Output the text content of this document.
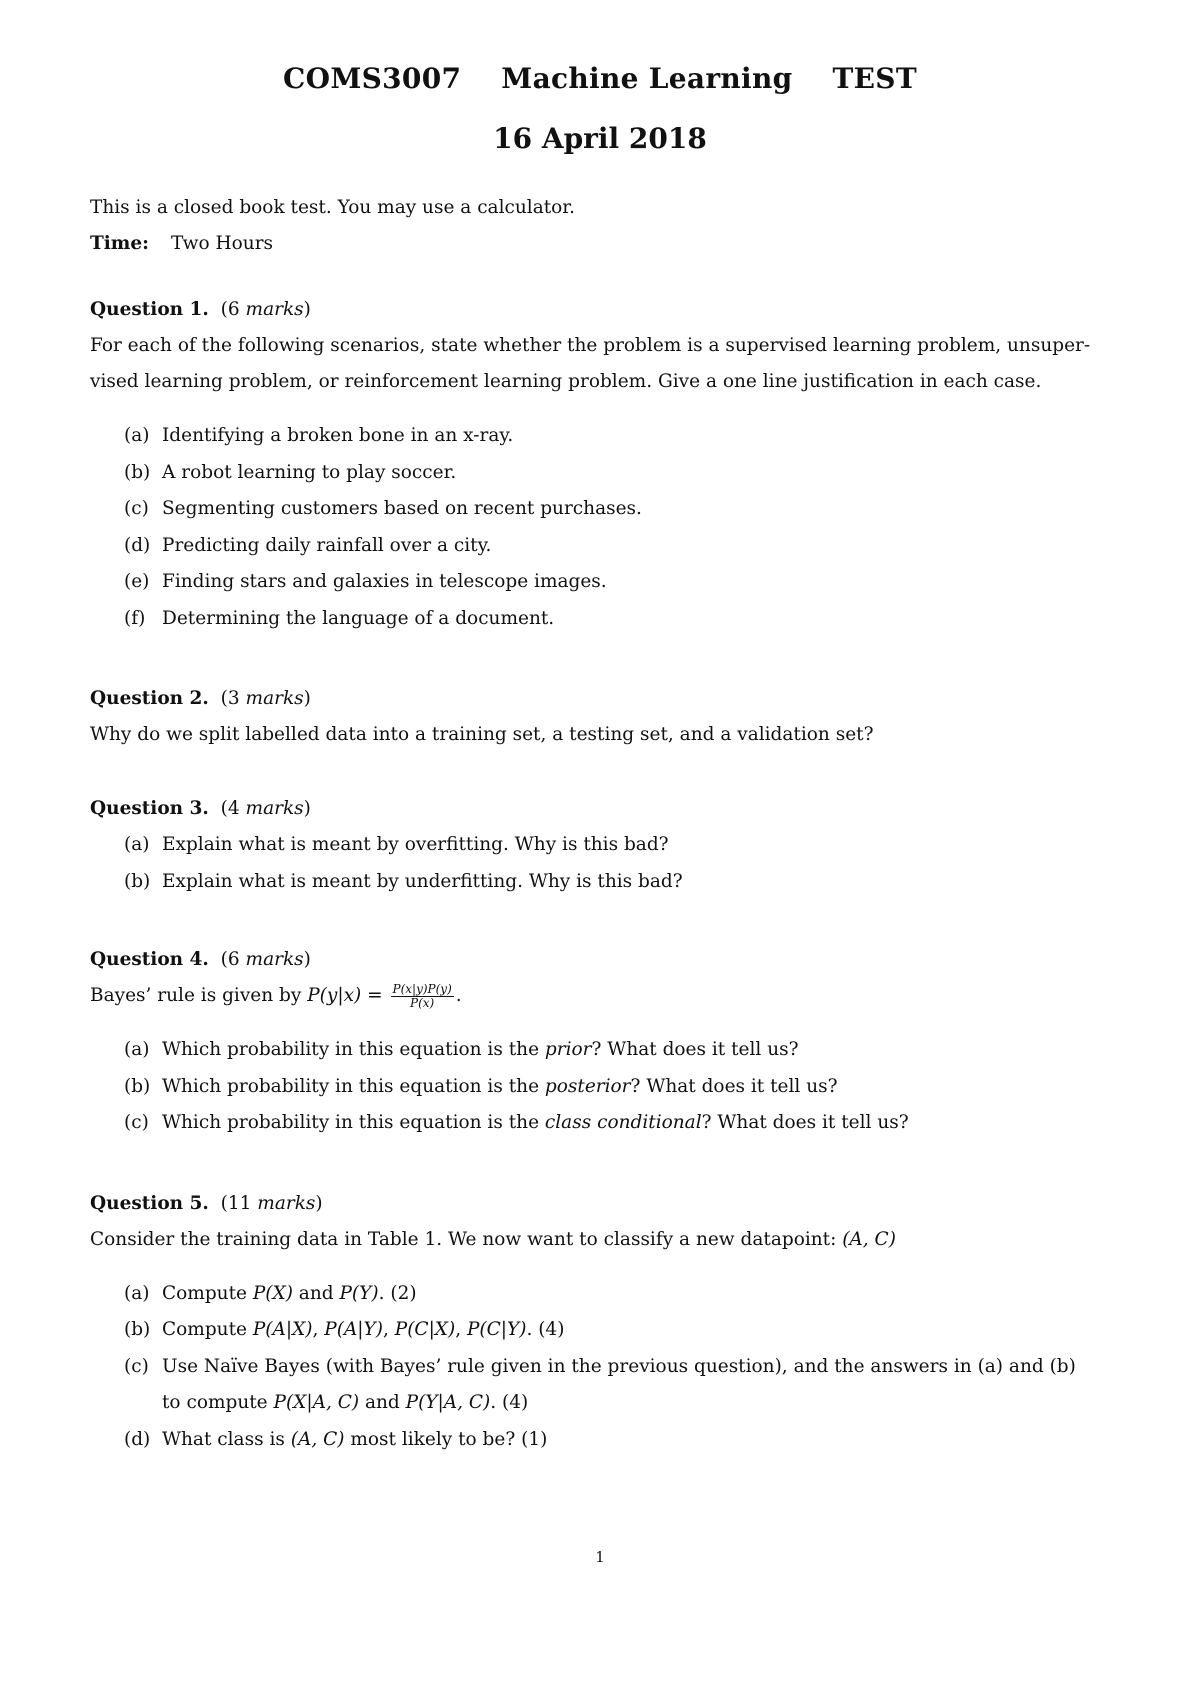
COMS3007 Machine Learning TEST
16 April 2018
This is a closed book test. You may use a calculator.
Time: Two Hours
Question 1. (6 marks)
For each of the following scenarios, state whether the problem is a supervised learning problem, unsuper-
vised learning problem, or reinforcement learning problem. Give a one line justification in each case.
(a) Identifying a broken bone in an x-ray.
(b) A robot learning to play soccer.
(c) Segmenting customers based on recent purchases.
(d) Predicting daily rainfall over a city.
(e) Finding stars and galaxies in telescope images.
(f) Determining the language of a document.
Question 2. (3 marks)
Why do we split labelled data into a training set, a testing set, and a validation set?
Question 3. (4 marks)
(a) Explain what is meant by overfitting. Why is this bad?
(b) Explain what is meant by underfitting. Why is this bad?
Question 4. (6 marks)
Bayes’ rule is given by $P(y|x) = \frac{P(x|y)P(y)}{P(x)}$ .
(a) Which probability in this equation is the prior? What does it tell us?
(b) Which probability in this equation is the posterior? What does it tell us?
(c) Which probability in this equation is the class conditional? What does it tell us?
Question 5. (11 marks)
Consider the training data in Table 1. We now want to classify a new datapoint: (A, C)
(a) Compute P(X) and P(Y). (2)
(b) Compute P(A|X), P(A|Y), P(C|X), P(C|Y). (4)
(c) Use Naïve Bayes (with Bayes’ rule given in the previous question), and the answers in (a) and (b)
to compute P(X|A, C) and P(Y|A, C). (4)
(d) What class is (A, C) most likely to be? (1)
1
